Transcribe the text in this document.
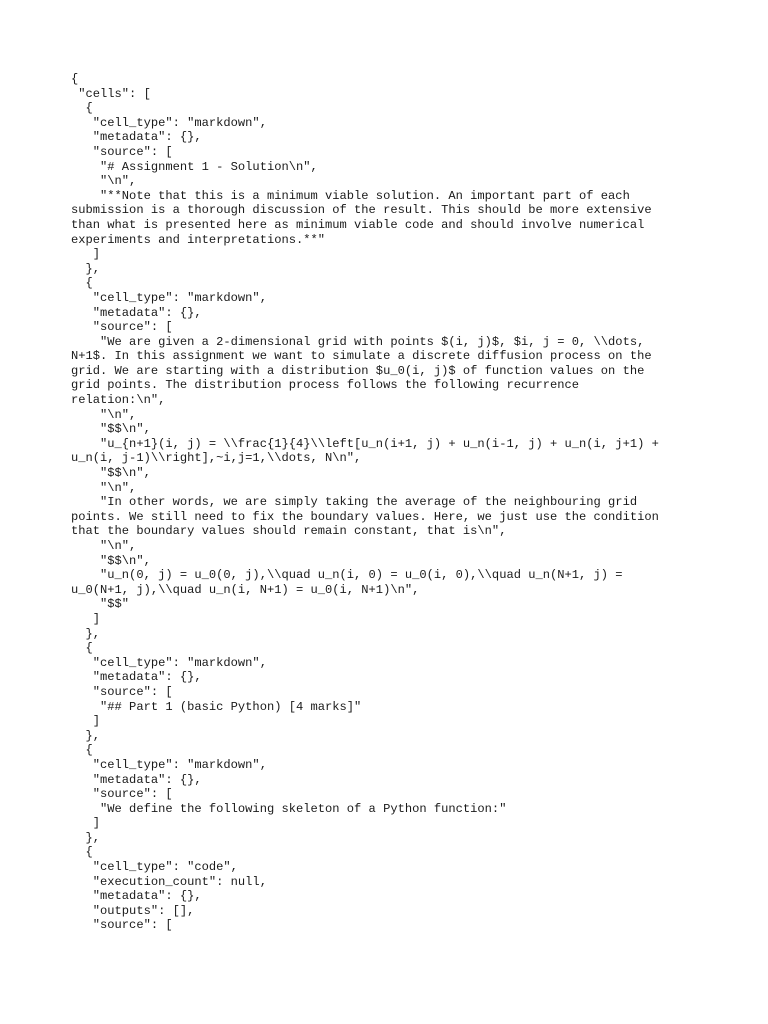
{
"cells": [
{
"cell_type": "markdown",
"metadata": {},
"source": [
"# Assignment 1 - Solution\n",
"\n",
"**Note that this is a minimum viable solution. An important part of each
submission is a thorough discussion of the result. This should be more extensive
than what is presented here as minimum viable code and should involve numerical
experiments and interpretations.**"
]
},
{
"cell_type": "markdown",
"metadata": {},
"source": [
"We are given a 2-dimensional grid with points $(i, j)$, $i, j = 0, \\dots,
N+1$. In this assignment we want to simulate a discrete diffusion process on the
grid. We are starting with a distribution $u_0(i, j)$ of function values on the
grid points. The distribution process follows the following recurrence
relation:\n",
"\n",
"$$\n",
"u_{n+1}(i, j) = \\frac{1}{4}\\left[u_n(i+1, j) + u_n(i-1, j) + u_n(i, j+1) +
u_n(i, j-1)\\right],~i,j=1,\\dots, N\n",
"$$\n",
"\n",
"In other words, we are simply taking the average of the neighbouring grid
points. We still need to fix the boundary values. Here, we just use the condition
that the boundary values should remain constant, that is\n",
"\n",
"$$\n",
"u_n(0, j) = u_0(0, j),\\quad u_n(i, 0) = u_0(i, 0),\\quad u_n(N+1, j) =
u_0(N+1, j),\\quad u_n(i, N+1) = u_0(i, N+1)\n",
"$$"
]
},
{
"cell_type": "markdown",
"metadata": {},
"source": [
"## Part 1 (basic Python) [4 marks]"
]
},
{
"cell_type": "markdown",
"metadata": {},
"source": [
"We define the following skeleton of a Python function:"
]
},
{
"cell_type": "code",
"execution_count": null,
"metadata": {},
"outputs": [],
"source": [
